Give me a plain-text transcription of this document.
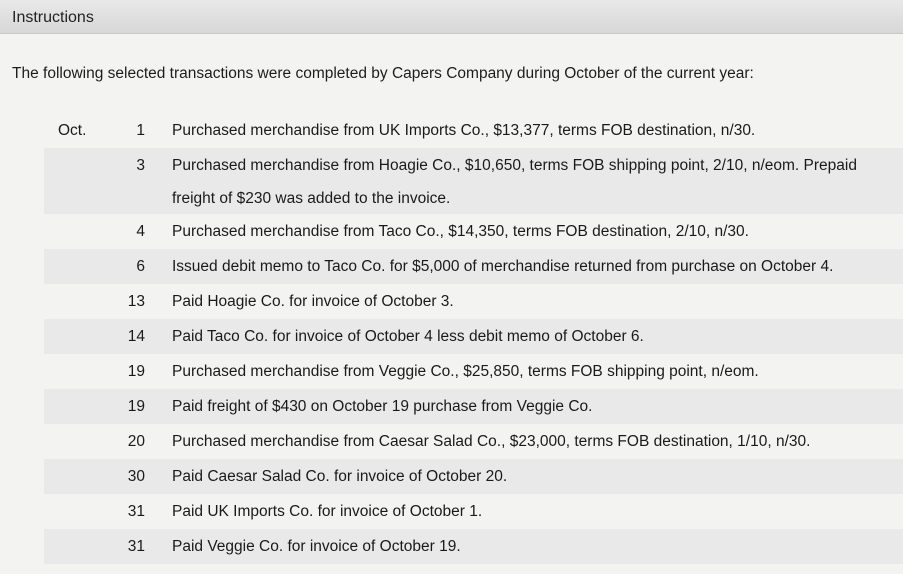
Instructions
The following selected transactions were completed by Capers Company during October of the current year:
Oct.	1 Purchased merchandise from UK Imports Co., $13,377, terms FOB destination, n/30.
3 Purchased merchandise from Hoagie Co., $10,650, terms FOB shipping point, 2/10, n/eom. Prepaid freight of $230 was added to the invoice.
4 Purchased merchandise from Taco Co., $14,350, terms FOB destination, 2/10, n/30.
6 Issued debit memo to Taco Co. for $5,000 of merchandise returned from purchase on October 4.
13 Paid Hoagie Co. for invoice of October 3.
14 Paid Taco Co. for invoice of October 4 less debit memo of October 6.
19 Purchased merchandise from Veggie Co., $25,850, terms FOB shipping point, n/eom.
19 Paid freight of $430 on October 19 purchase from Veggie Co.
20 Purchased merchandise from Caesar Salad Co., $23,000, terms FOB destination, 1/10, n/30.
30 Paid Caesar Salad Co. for invoice of October 20.
31 Paid UK Imports Co. for invoice of October 1.
31 Paid Veggie Co. for invoice of October 19.
